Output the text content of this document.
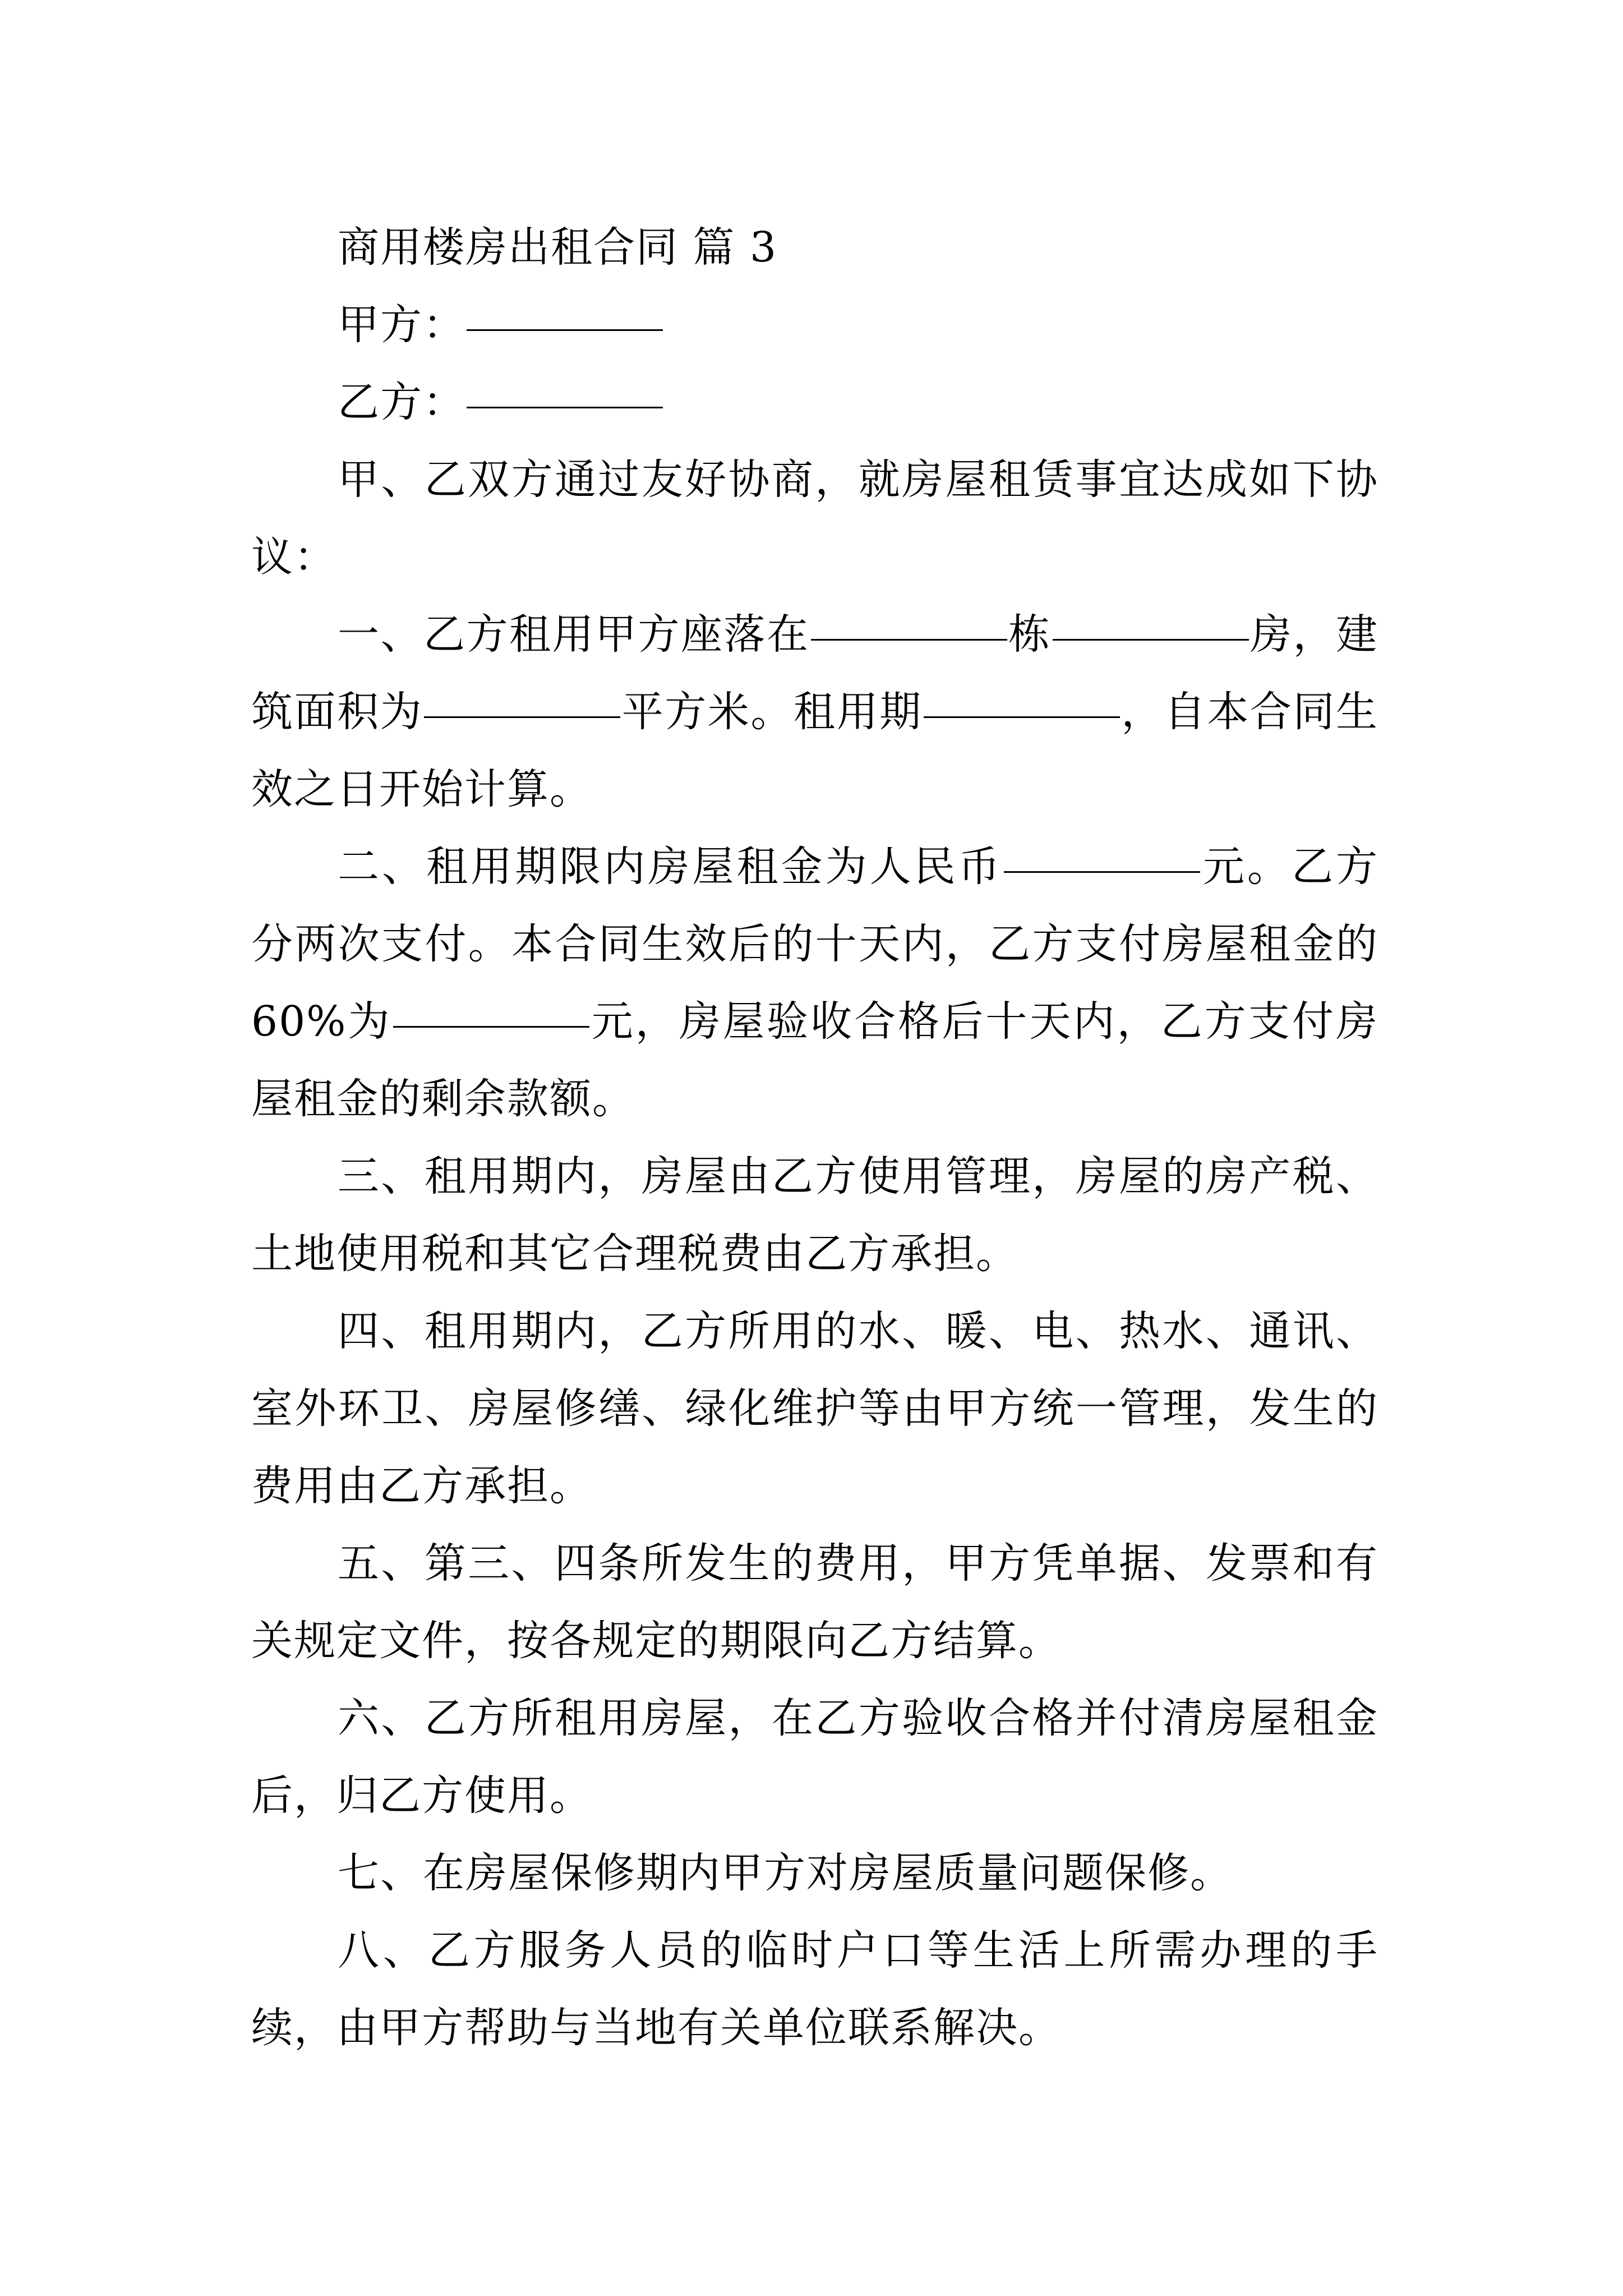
商用楼房出租合同 篇 3

甲方：

乙方：

甲、乙双方通过友好协商，就房屋租赁事宜达成如下协议：

一、乙方租用甲方座落在	栋	房，建筑面积为	平方米。租用期	，自本合同生效之日开始计算。

二、租用期限内房屋租金为人民币	元。乙方分两次支付。本合同生效后的十天内，乙方支付房屋租金的60%为	元，房屋验收合格后十天内，乙方支付房屋租金的剩余款额。

三、租用期内，房屋由乙方使用管理，房屋的房产税、土地使用税和其它合理税费由乙方承担。

四、租用期内，乙方所用的水、暖、电、热水、通讯、室外环卫、房屋修缮、绿化维护等由甲方统一管理，发生的费用由乙方承担。

五、第三、四条所发生的费用，甲方凭单据、发票和有关规定文件，按各规定的期限向乙方结算。

六、乙方所租用房屋，在乙方验收合格并付清房屋租金后，归乙方使用。

七、在房屋保修期内甲方对房屋质量问题保修。

八、乙方服务人员的临时户口等生活上所需办理的手续，由甲方帮助与当地有关单位联系解决。
